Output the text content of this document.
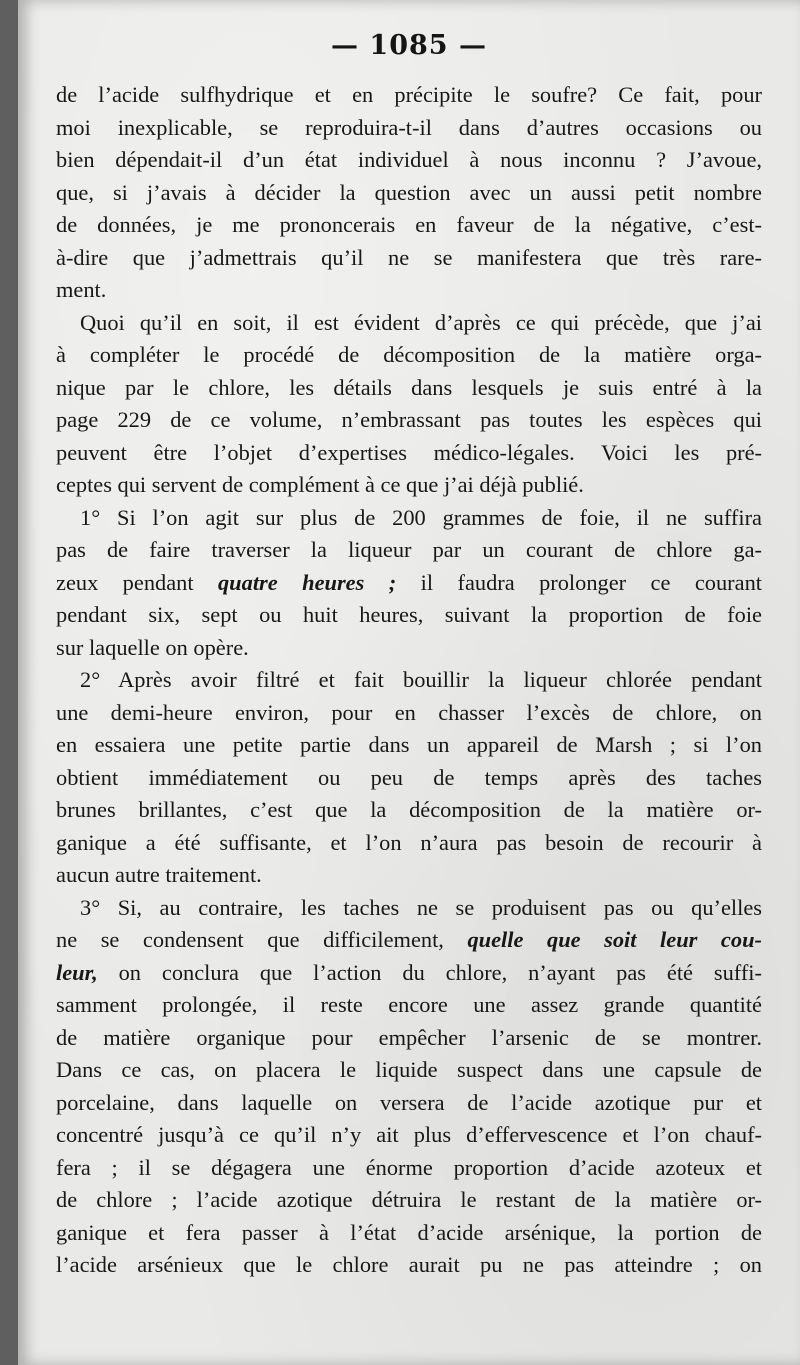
— 1085 —
de l’acide sulfhydrique et en précipite le soufre? Ce fait, pour
moi inexplicable, se reproduira-t-il dans d’autres occasions ou
bien dépendait-il d’un état individuel à nous inconnu ? J’avoue,
que, si j’avais à décider la question avec un aussi petit nombre
de données, je me prononcerais en faveur de la négative, c’est-
à-dire que j’admettrais qu’il ne se manifestera que très rare-
ment.
Quoi qu’il en soit, il est évident d’après ce qui précède, que j’ai
à compléter le procédé de décomposition de la matière orga-
nique par le chlore, les détails dans lesquels je suis entré à la
page 229 de ce volume, n’embrassant pas toutes les espèces qui
peuvent être l’objet d’expertises médico-légales. Voici les pré-
ceptes qui servent de complément à ce que j’ai déjà publié.
1° Si l’on agit sur plus de 200 grammes de foie, il ne suffira
pas de faire traverser la liqueur par un courant de chlore ga-
zeux pendant quatre heures ; il faudra prolonger ce courant
pendant six, sept ou huit heures, suivant la proportion de foie
sur laquelle on opère.
2° Après avoir filtré et fait bouillir la liqueur chlorée pendant
une demi-heure environ, pour en chasser l’excès de chlore, on
en essaiera une petite partie dans un appareil de Marsh ; si l’on
obtient immédiatement ou peu de temps après des taches
brunes brillantes, c’est que la décomposition de la matière or-
ganique a été suffisante, et l’on n’aura pas besoin de recourir à
aucun autre traitement.
3° Si, au contraire, les taches ne se produisent pas ou qu’elles
ne se condensent que difficilement, quelle que soit leur cou-
leur, on conclura que l’action du chlore, n’ayant pas été suffi-
samment prolongée, il reste encore une assez grande quantité
de matière organique pour empêcher l’arsenic de se montrer.
Dans ce cas, on placera le liquide suspect dans une capsule de
porcelaine, dans laquelle on versera de l’acide azotique pur et
concentré jusqu’à ce qu’il n’y ait plus d’effervescence et l’on chauf-
fera ; il se dégagera une énorme proportion d’acide azoteux et
de chlore ; l’acide azotique détruira le restant de la matière or-
ganique et fera passer à l’état d’acide arsénique, la portion de
l’acide arsénieux que le chlore aurait pu ne pas atteindre ; on
